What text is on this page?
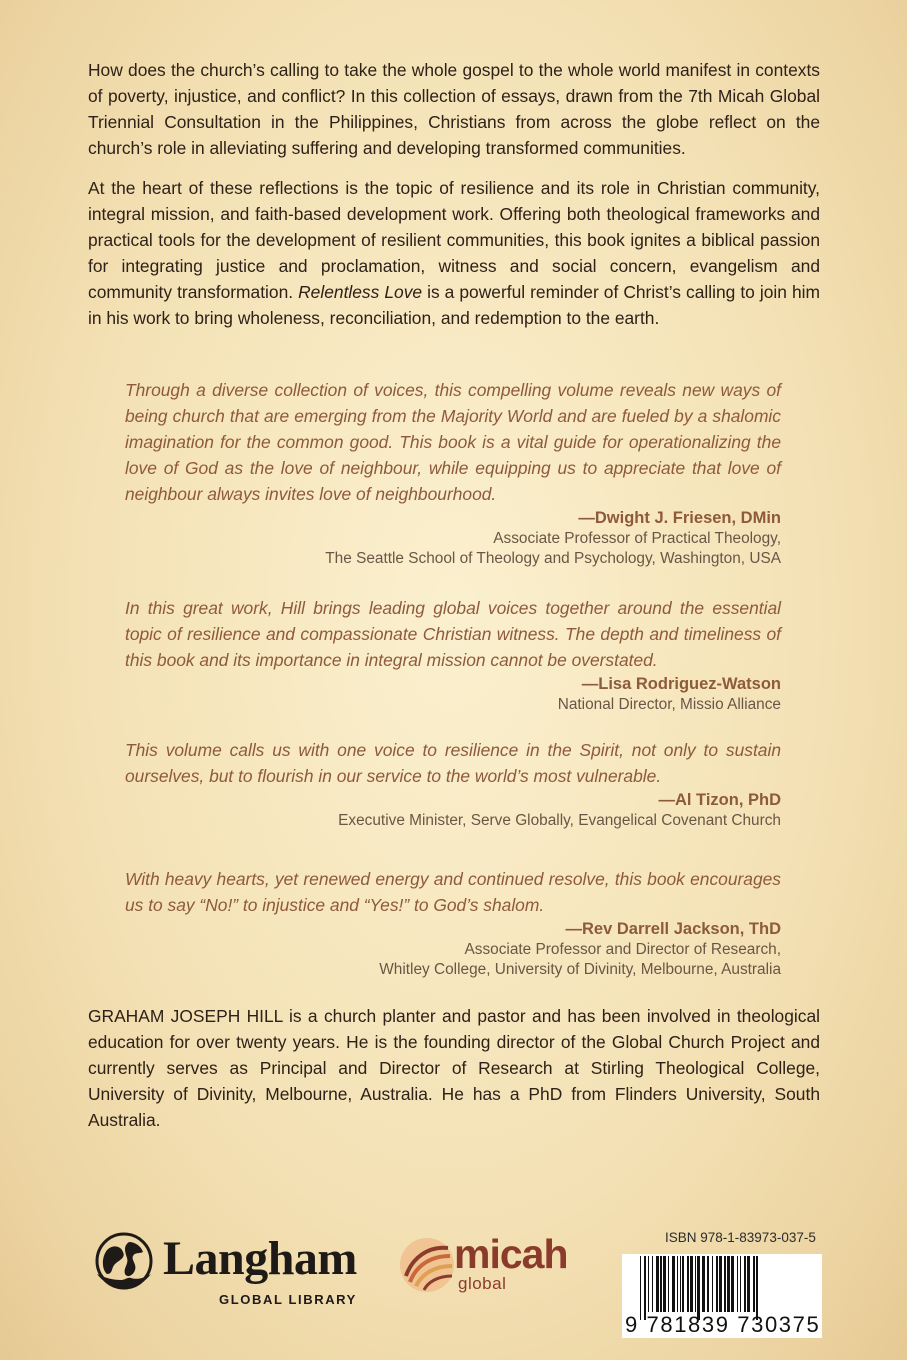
How does the church’s calling to take the whole gospel to the whole world manifest in contexts of poverty, injustice, and conflict? In this collection of essays, drawn from the 7th Micah Global Triennial Consultation in the Philippines, Christians from across the globe reflect on the church’s role in alleviating suffering and developing transformed communities.

At the heart of these reflections is the topic of resilience and its role in Christian community, integral mission, and faith-based development work. Offering both theological frameworks and practical tools for the development of resilient communities, this book ignites a biblical passion for integrating justice and proclamation, witness and social concern, evangelism and community transformation. Relentless Love is a powerful reminder of Christ’s calling to join him in his work to bring wholeness, reconciliation, and redemption to the earth.

Through a diverse collection of voices, this compelling volume reveals new ways of being church that are emerging from the Majority World and are fueled by a shalomic imagination for the common good. This book is a vital guide for operationalizing the love of God as the love of neighbour, while equipping us to appreciate that love of neighbour always invites love of neighbourhood.

—Dwight J. Friesen, DMin

Associate Professor of Practical Theology,

The Seattle School of Theology and Psychology, Washington, USA

In this great work, Hill brings leading global voices together around the essential topic of resilience and compassionate Christian witness. The depth and timeliness of this book and its importance in integral mission cannot be overstated.

—Lisa Rodriguez-Watson

National Director, Missio Alliance

This volume calls us with one voice to resilience in the Spirit, not only to sustain ourselves, but to flourish in our service to the world’s most vulnerable.

—Al Tizon, PhD

Executive Minister, Serve Globally, Evangelical Covenant Church

With heavy hearts, yet renewed energy and continued resolve, this book encourages us to say “No!” to injustice and “Yes!” to God’s shalom.

—Rev Darrell Jackson, ThD

Associate Professor and Director of Research,

Whitley College, University of Divinity, Melbourne, Australia

GRAHAM JOSEPH HILL is a church planter and pastor and has been involved in theological education for over twenty years. He is the founding director of the Global Church Project and currently serves as Principal and Director of Research at Stirling Theological College, University of Divinity, Melbourne, Australia. He has a PhD from Flinders University, South Australia.

Langham
GLOBAL LIBRARY
micah
global
ISBN 978-1-83973-037-5
9 781839 730375
